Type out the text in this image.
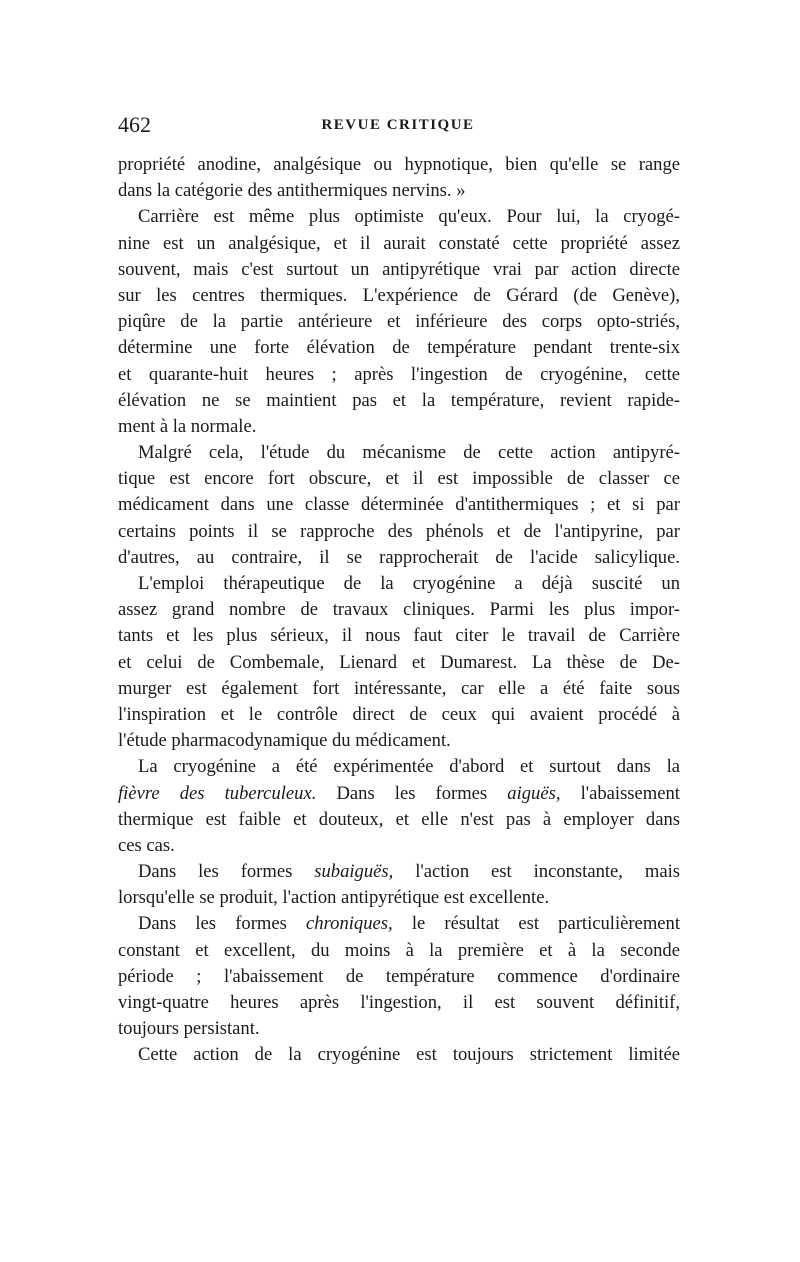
462	REVUE CRITIQUE
propriété anodine, analgésique ou hypnotique, bien qu'elle se range
dans la catégorie des antithermiques nervins. »
Carrière est même plus optimiste qu'eux. Pour lui, la cryogé-
nine est un analgésique, et il aurait constaté cette propriété assez
souvent, mais c'est surtout un antipyrétique vrai par action directe
sur les centres thermiques. L'expérience de Gérard (de Genève),
piqûre de la partie antérieure et inférieure des corps opto-striés,
détermine une forte élévation de température pendant trente-six
et quarante-huit heures ; après l'ingestion de cryogénine, cette
élévation ne se maintient pas et la température, revient rapide-
ment à la normale.
Malgré cela, l'étude du mécanisme de cette action antipyré-
tique est encore fort obscure, et il est impossible de classer ce
médicament dans une classe déterminée d'antithermiques ; et si par
certains points il se rapproche des phénols et de l'antipyrine, par
d'autres, au contraire, il se rapprocherait de l'acide salicylique.
L'emploi thérapeutique de la cryogénine a déjà suscité un
assez grand nombre de travaux cliniques. Parmi les plus impor-
tants et les plus sérieux, il nous faut citer le travail de Carrière
et celui de Combemale, Lienard et Dumarest. La thèse de De-
murger est également fort intéressante, car elle a été faite sous
l'inspiration et le contrôle direct de ceux qui avaient procédé à
l'étude pharmacodynamique du médicament.
La cryogénine a été expérimentée d'abord et surtout dans la
fièvre des tuberculeux. Dans les formes aiguës, l'abaissement
thermique est faible et douteux, et elle n'est pas à employer dans
ces cas.
Dans les formes subaiguës, l'action est inconstante, mais
lorsqu'elle se produit, l'action antipyrétique est excellente.
Dans les formes chroniques, le résultat est particulièrement
constant et excellent, du moins à la première et à la seconde
période ; l'abaissement de température commence d'ordinaire
vingt-quatre heures après l'ingestion, il est souvent définitif,
toujours persistant.
Cette action de la cryogénine est toujours strictement limitée
